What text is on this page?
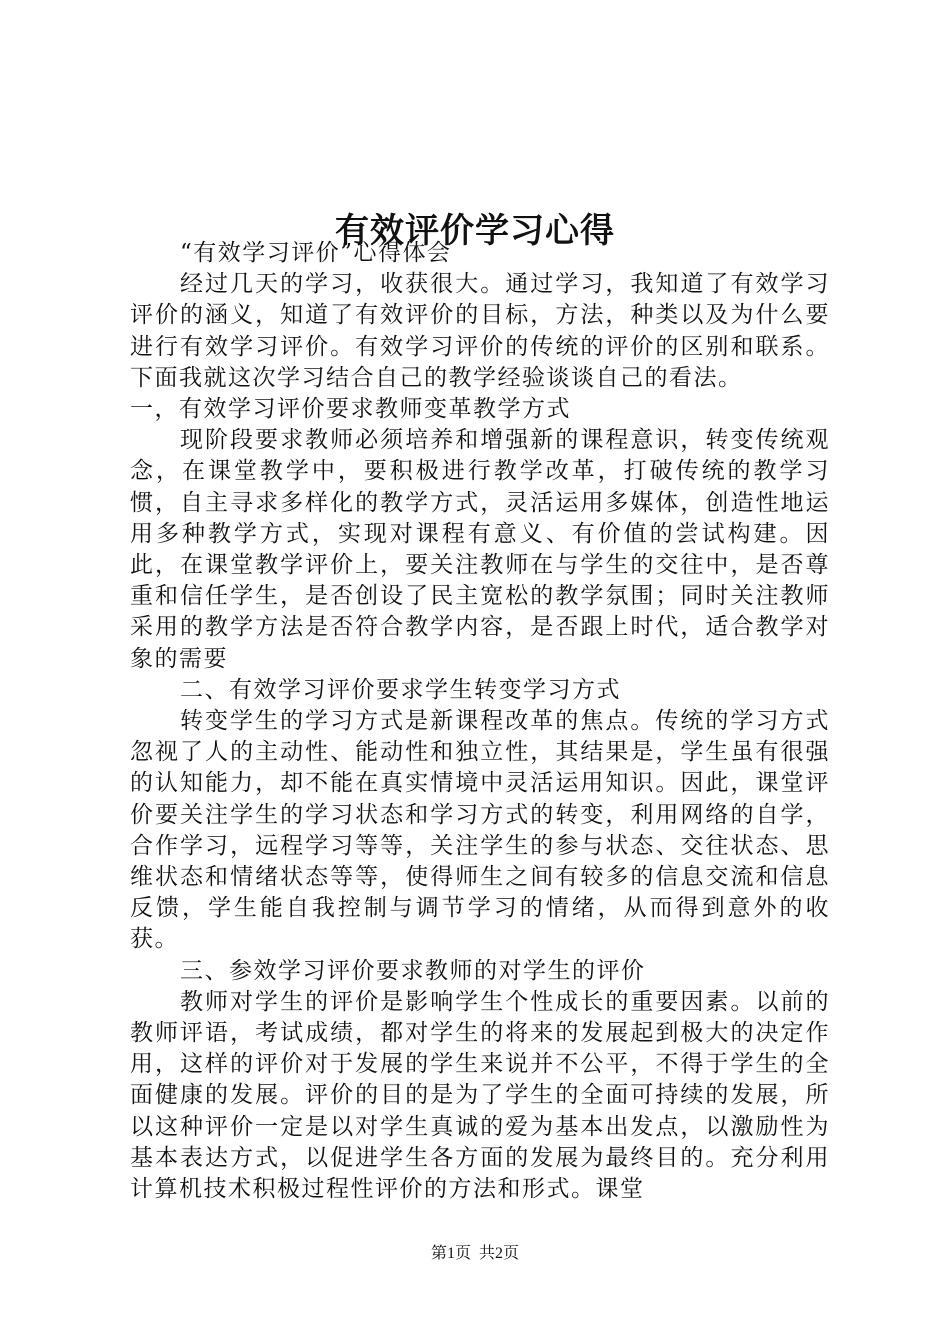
有效评价学习心得

“有效学习评价”心得体会

经过几天的学习，收获很大。通过学习，我知道了有效学习评价的涵义，知道了有效评价的目标，方法，种类以及为什么要进行有效学习评价。有效学习评价的传统的评价的区别和联系。下面我就这次学习结合自己的教学经验谈谈自己的看法。

一，有效学习评价要求教师变革教学方式

现阶段要求教师必须培养和增强新的课程意识，转变传统观念，在课堂教学中，要积极进行教学改革，打破传统的教学习惯，自主寻求多样化的教学方式，灵活运用多媒体，创造性地运用多种教学方式，实现对课程有意义、有价值的尝试构建。因此，在课堂教学评价上，要关注教师在与学生的交往中，是否尊重和信任学生，是否创设了民主宽松的教学氛围；同时关注教师采用的教学方法是否符合教学内容，是否跟上时代，适合教学对象的需要

二、有效学习评价要求学生转变学习方式

转变学生的学习方式是新课程改革的焦点。传统的学习方式忽视了人的主动性、能动性和独立性，其结果是，学生虽有很强的认知能力，却不能在真实情境中灵活运用知识。因此，课堂评价要关注学生的学习状态和学习方式的转变，利用网络的自学，合作学习，远程学习等等，关注学生的参与状态、交往状态、思维状态和情绪状态等等，使得师生之间有较多的信息交流和信息反馈，学生能自我控制与调节学习的情绪，从而得到意外的收获。

三、参效学习评价要求教师的对学生的评价

教师对学生的评价是影响学生个性成长的重要因素。以前的教师评语，考试成绩，都对学生的将来的发展起到极大的决定作用，这样的评价对于发展的学生来说并不公平，不得于学生的全面健康的发展。评价的目的是为了学生的全面可持续的发展，所以这种评价一定是以对学生真诚的爱为基本出发点，以激励性为基本表达方式，以促进学生各方面的发展为最终目的。充分利用计算机技术积极过程性评价的方法和形式。课堂

第1页 共2页
